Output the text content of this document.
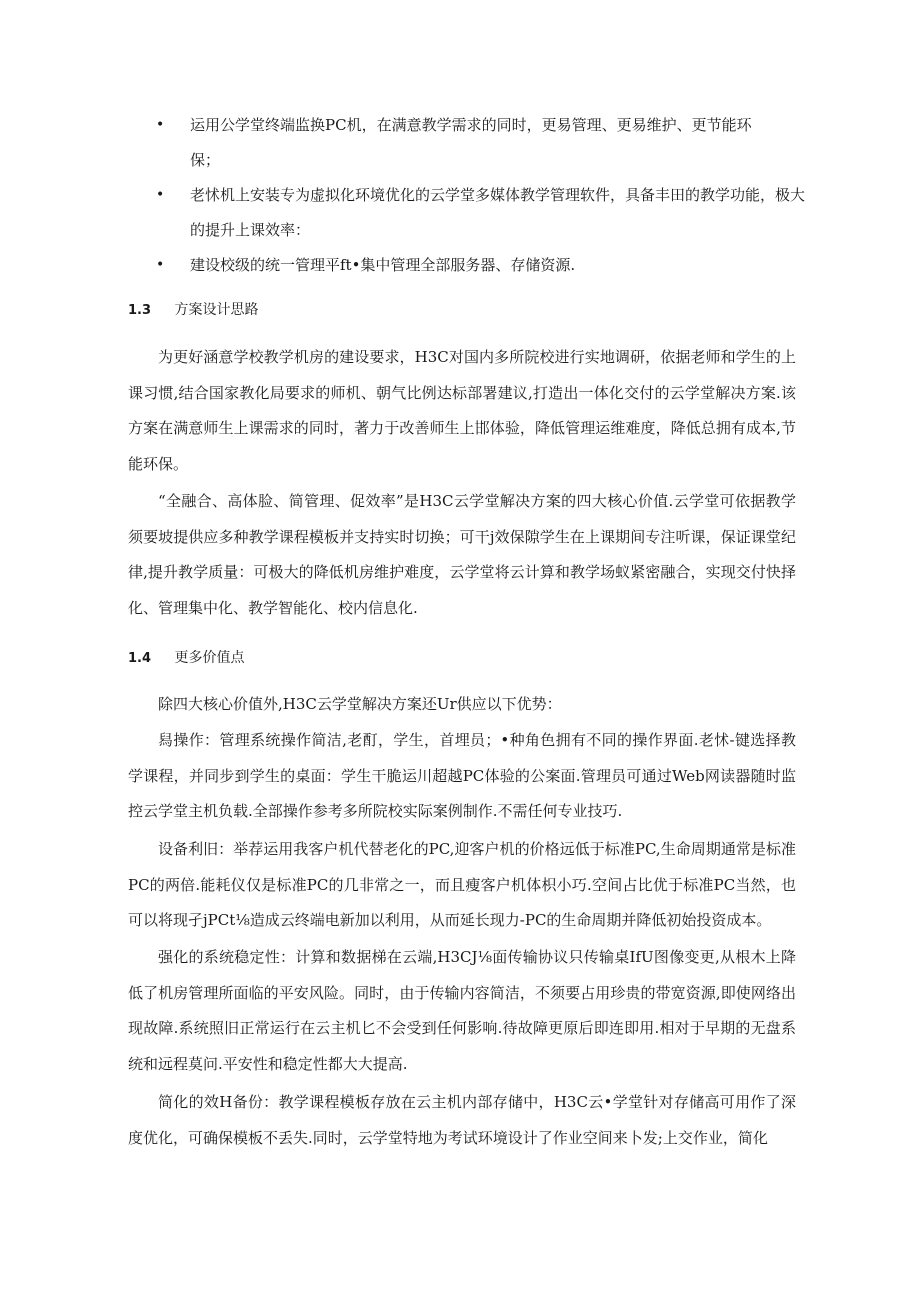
• 运用公学堂终端监换PC机，在满意教学需求的同时，更易管理、更易维护、更节能环保；
• 老怵机上安装专为虚拟化环境优化的云学堂多媒体教学管理软件，具备丰田的教学功能，极大的提升上课效率：
• 建设校级的统一管理平ft•集中管理全部服务器、存储资源.
1.3 方案设计思路

为更好涵意学校教学机房的建设要求，H3C对国内多所院校进行实地调研，依据老师和学生的上课习惯,结合国家教化局要求的师机、朝气比例达标部署建议,打造出一体化交付的云学堂解决方案.该方案在满意师生上课需求的同时，著力于改善师生上邯体验，降低管理运维难度，降低总拥有成本,节能环保。

“全融合、高体脸、简管理、促效率”是H3C云学堂解决方案的四大核心价值.云学堂可依据教学须要坡提供应多种教学课程模板并支持实时切换；可干j效保隙学生在上课期间专注听课，保证课堂纪律,提升教学质量：可极大的降低机房维护难度，云学堂将云计算和教学场蚁紧密融合，实现交付快择化、管理集中化、教学智能化、校内信息化.

1.4 更多价值点

除四大核心价值外,H3C云学堂解决方案还Ur供应以下优势：

舄操作：管理系统操作简洁,老酊，学生，首埋员；•种角色拥有不同的操作界面.老怵-键选择教学课程，并同步到学生的桌面：学生干脆运川超越PC体验的公案面.管理员可通过Web网读器随时监控云学堂主机负载.全部操作参考多所院校实际案例制作.不需任何专业技巧.

设备利旧：举荐运用我客户机代替老化的PC,迎客户机的价格远低于标准PC,生命周期通常是标准PC的两倍.能耗仪仅是标准PC的几非常之一，而且瘦客户机体枳小巧.空间占比优于标准PC当然，也可以将现孑jPCt⅛造成云终端电新加以利用，从而延长现力-PC的生命周期并降低初始投资成本。

强化的系统稳定性：计算和数据梯在云端,H3CJ⅛面传输协议只传输桌IfU图像变更,从根木上降低了机房管理所面临的平安风险。同时，由于传输内容简洁，不须要占用珍贵的带宽资源,即使网络出现故障.系统照旧正常运行在云主机匕不会受到任何影响.待故障更原后即连即用.相对于早期的无盘系统和远程莫问.平安性和稳定性都大大提高.

简化的效H备份：教学课程模板存放在云主机内部存储中，H3C云•学堂针对存储高可用作了深度优化，可确保模板不丢失.同时，云学堂特地为考试环境设计了作业空间来卜发;上交作业，简化
